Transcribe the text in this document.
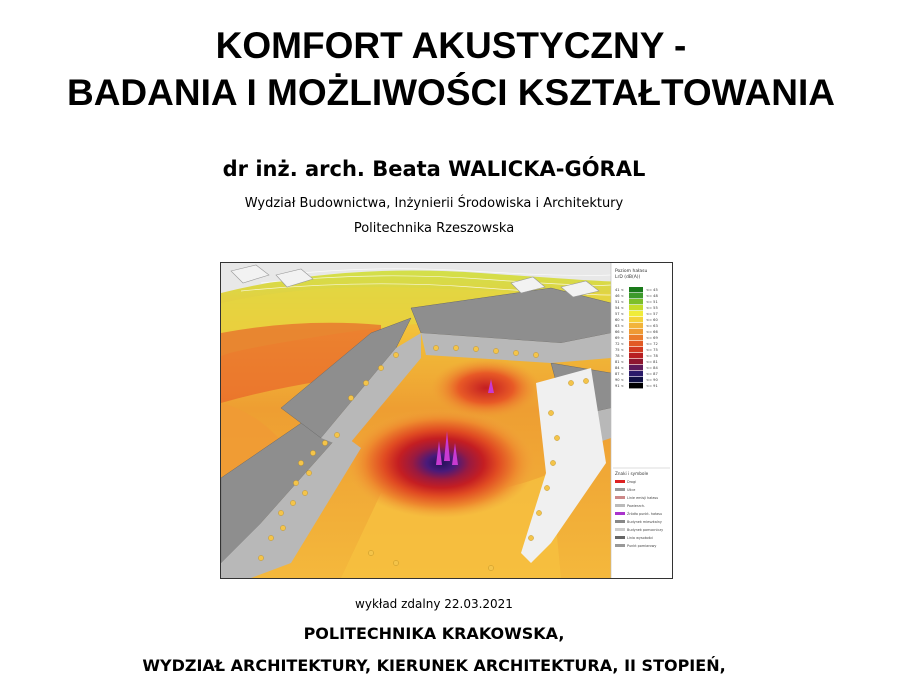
KOMFORT AKUSTYCZNY -
BADANIA I MOŻLIWOŚCI KSZTAŁTOWANIA
dr inż. arch. Beata WALICKA-GÓRAL
Wydział Budownictwa, Inżynierii Środowiska i Architektury
Politechnika Rzeszowska
Poziom hałasu
LrD (dB(A))
41 <	<= 45
46 <	<= 48
51 <	<= 51
54 <	<= 55
57 <	<= 57
60 <	<= 60
63 <	<= 63
66 <	<= 66
69 <	<= 69
72 <	<= 72
75 <	<= 75
78 <	<= 78
81 <	<= 81
84 <	<= 84
87 <	<= 87
90 <	<= 90
91 <	<= 91
Znaki i symbole
Drogi
Ulice
Linie emisji hałasu
Powierzch.
Źródło punkt. hałasu
Budynek mieszkalny
Budynek pomocniczy
Linia wysokości
Punkt pomiarowy
wykład zdalny 22.03.2021
POLITECHNIKA KRAKOWSKA,
WYDZIAŁ ARCHITEKTURY, KIERUNEK ARCHITEKTURA, II STOPIEŃ,
